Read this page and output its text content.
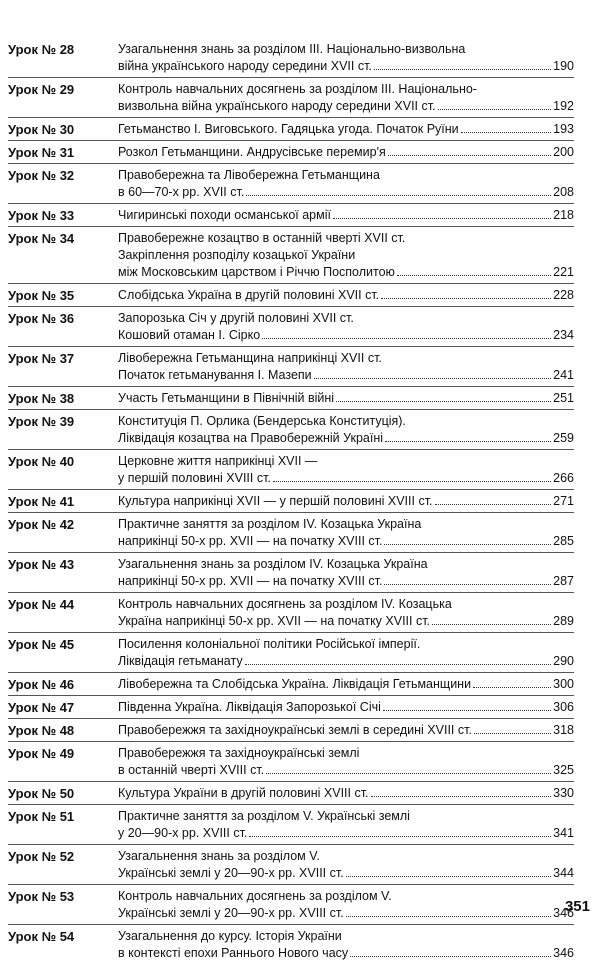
Урок № 28	Узагальнення знань за розділом ІІІ. Національно-визвольна
війна українського народу середини XVII ст.	190
Урок № 29	Контроль навчальних досягнень за розділом ІІІ. Національно-
визвольна війна українського народу середини XVII ст.	192
Урок № 30	Гетьманство І. Виговського. Гадяцька угода. Початок Руїни	193
Урок № 31	Розкол Гетьманщини. Андрусівське перемир'я	200
Урок № 32	Правобережна та Лівобережна Гетьманщина
в 60—70-х рр. XVII ст.	208
Урок № 33	Чигиринські походи османської армії	218
Урок № 34	Правобережне козацтво в останній чверті XVII ст.
Закріплення розподілу козацької України
між Московським царством і Річчю Посполитою	221
Урок № 35	Слобідська Україна в другій половині XVII ст.	228
Урок № 36	Запорозька Січ у другій половині XVII ст.
Кошовий отаман І. Сірко	234
Урок № 37	Лівобережна Гетьманщина наприкінці XVII ст.
Початок гетьманування І. Мазепи	241
Урок № 38	Участь Гетьманщини в Північній війні	251
Урок № 39	Конституція П. Орлика (Бендерська Конституція).
Ліквідація козацтва на Правобережній Україні	259
Урок № 40	Церковне життя наприкінці XVII —
у першій половині XVIII ст.	266
Урок № 41	Культура наприкінці XVII — у першій половині XVIII ст.	271
Урок № 42	Практичне заняття за розділом IV. Козацька Україна
наприкінці 50-х рр. XVII — на початку XVIII ст.	285
Урок № 43	Узагальнення знань за розділом IV. Козацька Україна
наприкінці 50-х рр. XVII — на початку XVIII ст.	287
Урок № 44	Контроль навчальних досягнень за розділом IV. Козацька
Україна наприкінці 50-х рр. XVII — на початку XVIII ст.	289
Урок № 45	Посилення колоніальної політики Російської імперії.
Ліквідація гетьманату	290
Урок № 46	Лівобережна та Слобідська Україна. Ліквідація Гетьманщини	300
Урок № 47	Південна Україна. Ліквідація Запорозької Січі	306
Урок № 48	Правобережжя та західноукраїнські землі в середині XVIII ст.	318
Урок № 49	Правобережжя та західноукраїнські землі
в останній чверті XVIII ст.	325
Урок № 50	Культура України в другій половині XVIII ст.	330
Урок № 51	Практичне заняття за розділом V. Українські землі
у 20—90-х рр. XVIII ст.	341
Урок № 52	Узагальнення знань за розділом V.
Українські землі у 20—90-х рр. XVIII ст.	344
Урок № 53	Контроль навчальних досягнень за розділом V.
Українські землі у 20—90-х рр. XVIII ст.	346
Урок № 54	Узагальнення до курсу. Історія України
в контексті епохи Раннього Нового часу	346
351
